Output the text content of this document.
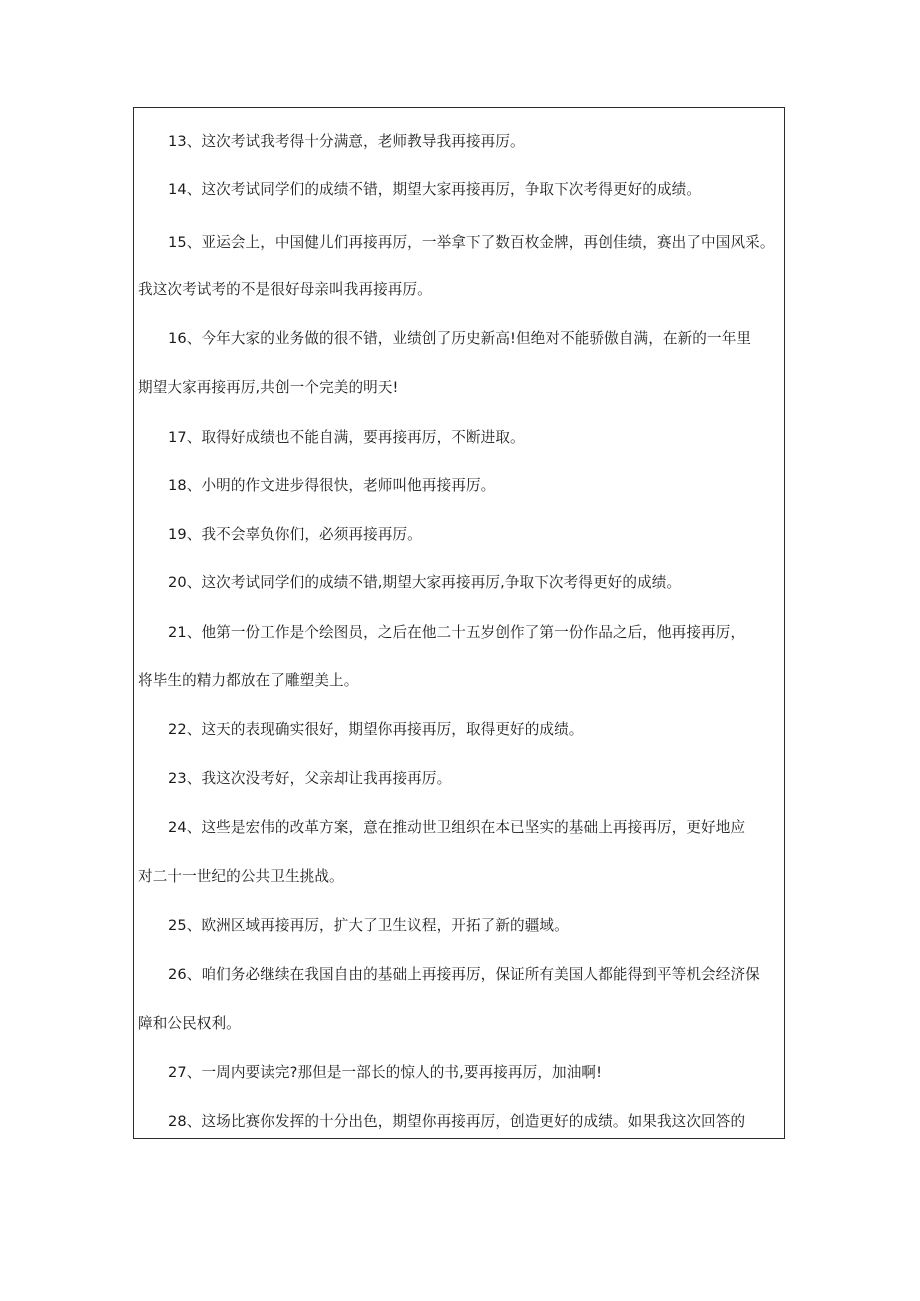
13、这次考试我考得十分满意，老师教导我再接再厉。
14、这次考试同学们的成绩不错，期望大家再接再厉，争取下次考得更好的成绩。
15、亚运会上，中国健儿们再接再厉，一举拿下了数百枚金牌，再创佳绩，赛出了中国风采。
我这次考试考的不是很好母亲叫我再接再厉。
16、今年大家的业务做的很不错，业绩创了历史新高!但绝对不能骄傲自满，在新的一年里
期望大家再接再厉,共创一个完美的明天!
17、取得好成绩也不能自满，要再接再厉，不断进取。
18、小明的作文进步得很快，老师叫他再接再厉。
19、我不会辜负你们，必须再接再厉。
20、这次考试同学们的成绩不错,期望大家再接再厉,争取下次考得更好的成绩。
21、他第一份工作是个绘图员，之后在他二十五岁创作了第一份作品之后，他再接再厉，
将毕生的精力都放在了雕塑美上。
22、这天的表现确实很好，期望你再接再厉，取得更好的成绩。
23、我这次没考好，父亲却让我再接再厉。
24、这些是宏伟的改革方案，意在推动世卫组织在本已坚实的基础上再接再厉，更好地应
对二十一世纪的公共卫生挑战。
25、欧洲区域再接再厉，扩大了卫生议程，开拓了新的疆域。
26、咱们务必继续在我国自由的基础上再接再厉，保证所有美国人都能得到平等机会经济保
障和公民权利。
27、一周内要读完?那但是一部长的惊人的书,要再接再厉，加油啊!
28、这场比赛你发挥的十分出色，期望你再接再厉，创造更好的成绩。如果我这次回答的
